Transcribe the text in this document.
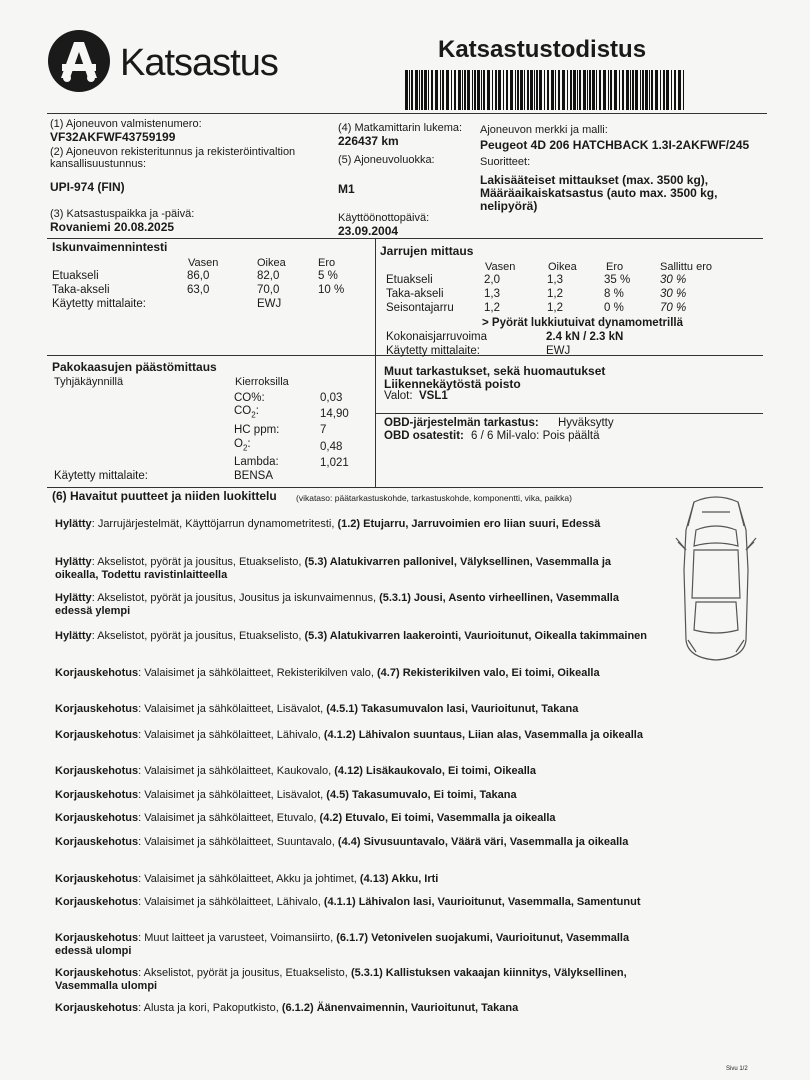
Katsastus	Katsastustodistus
(1) Ajoneuvon valmistenumero:
VF32AKFWF43759199
(2) Ajoneuvon rekisteritunnus ja rekisteröintivaltion kansallisuustunnus:
UPI-974 (FIN)
(3) Katsastuspaikka ja -päivä:
Rovaniemi 20.08.2025
(4) Matkamittarin lukema:
226437 km
(5) Ajoneuvoluokka:
M1
Käyttöönottopäivä:
23.09.2004
Ajoneuvon merkki ja malli:
Peugeot 4D 206 HATCHBACK 1.3I-2AKFWF/245
Suoritteet:
Lakisääteiset mittaukset (max. 3500 kg),
Määräaikaiskatsastus (auto max. 3500 kg,
nelipyörä)
Iskunvaimennintesti
Vasen	Oikea	Ero
Etuakseli	86,0	82,0	5 %
Taka-akseli	63,0	70,0	10 %
Käytetty mittalaite:	EWJ
Jarrujen mittaus
Vasen	Oikea	Ero	Sallittu ero
Etuakseli	2,0	1,3	35 %	30 %
Taka-akseli	1,3	1,2	8 %	30 %
Seisontajarru	1,2	1,2	0 %	70 %
> Pyörät lukkiutuivat dynamometrillä
Kokonaisjarruvoima	2.4 kN / 2.3 kN
Käytetty mittalaite:	EWJ
Pakokaasujen päästömittaus
Tyhjäkäynnillä	Kierroksilla
CO%:	0,03
$CO_2$:	14,90
HC ppm:	7
$O_2$:	0,48
Lambda:	1,021
Käytetty mittalaite:	BENSA
Muut tarkastukset, sekä huomautukset
Liikennekäytöstä poisto
Valot: VSL1
OBD-järjestelmän tarkastus: Hyväksytty
OBD osatestit: 6 / 6 Mil-valo: Pois päältä
(6) Havaitut puutteet ja niiden luokittelu (vikataso: päätarkastuskohde, tarkastuskohde, komponentti, vika, paikka)
Hylätty: Jarrujärjestelmät, Käyttöjarrun dynamometritesti, (1.2) Etujarru, Jarruvoimien ero liian suuri, Edessä
Hylätty: Akselistot, pyörät ja jousitus, Etuakselisto, (5.3) Alatukivarren pallonivel, Välyksellinen, Vasemmalla ja oikealla, Todettu ravistinlaitteella
Hylätty: Akselistot, pyörät ja jousitus, Jousitus ja iskunvaimennus, (5.3.1) Jousi, Asento virheellinen, Vasemmalla edessä ylempi
Hylätty: Akselistot, pyörät ja jousitus, Etuakselisto, (5.3) Alatukivarren laakerointi, Vaurioitunut, Oikealla takimmainen
Korjauskehotus: Valaisimet ja sähkölaitteet, Rekisterikilven valo, (4.7) Rekisterikilven valo, Ei toimi, Oikealla
Korjauskehotus: Valaisimet ja sähkölaitteet, Lisävalot, (4.5.1) Takasumuvalon lasi, Vaurioitunut, Takana
Korjauskehotus: Valaisimet ja sähkölaitteet, Lähivalo, (4.1.2) Lähivalon suuntaus, Liian alas, Vasemmalla ja oikealla
Korjauskehotus: Valaisimet ja sähkölaitteet, Kaukovalo, (4.12) Lisäkaukovalo, Ei toimi, Oikealla
Korjauskehotus: Valaisimet ja sähkölaitteet, Lisävalot, (4.5) Takasumuvalo, Ei toimi, Takana
Korjauskehotus: Valaisimet ja sähkölaitteet, Etuvalo, (4.2) Etuvalo, Ei toimi, Vasemmalla ja oikealla
Korjauskehotus: Valaisimet ja sähkölaitteet, Suuntavalo, (4.4) Sivusuuntavalo, Väärä väri, Vasemmalla ja oikealla
Korjauskehotus: Valaisimet ja sähkölaitteet, Akku ja johtimet, (4.13) Akku, Irti
Korjauskehotus: Valaisimet ja sähkölaitteet, Lähivalo, (4.1.1) Lähivalon lasi, Vaurioitunut, Vasemmalla, Samentunut
Korjauskehotus: Muut laitteet ja varusteet, Voimansiirto, (6.1.7) Vetonivelen suojakumi, Vaurioitunut, Vasemmalla edessä ulompi
Korjauskehotus: Akselistot, pyörät ja jousitus, Etuakselisto, (5.3.1) Kallistuksen vakaajan kiinnitys, Välyksellinen, Vasemmalla ulompi
Korjauskehotus: Alusta ja kori, Pakoputkisto, (6.1.2) Äänenvaimennin, Vaurioitunut, Takana
Sivu 1/2
